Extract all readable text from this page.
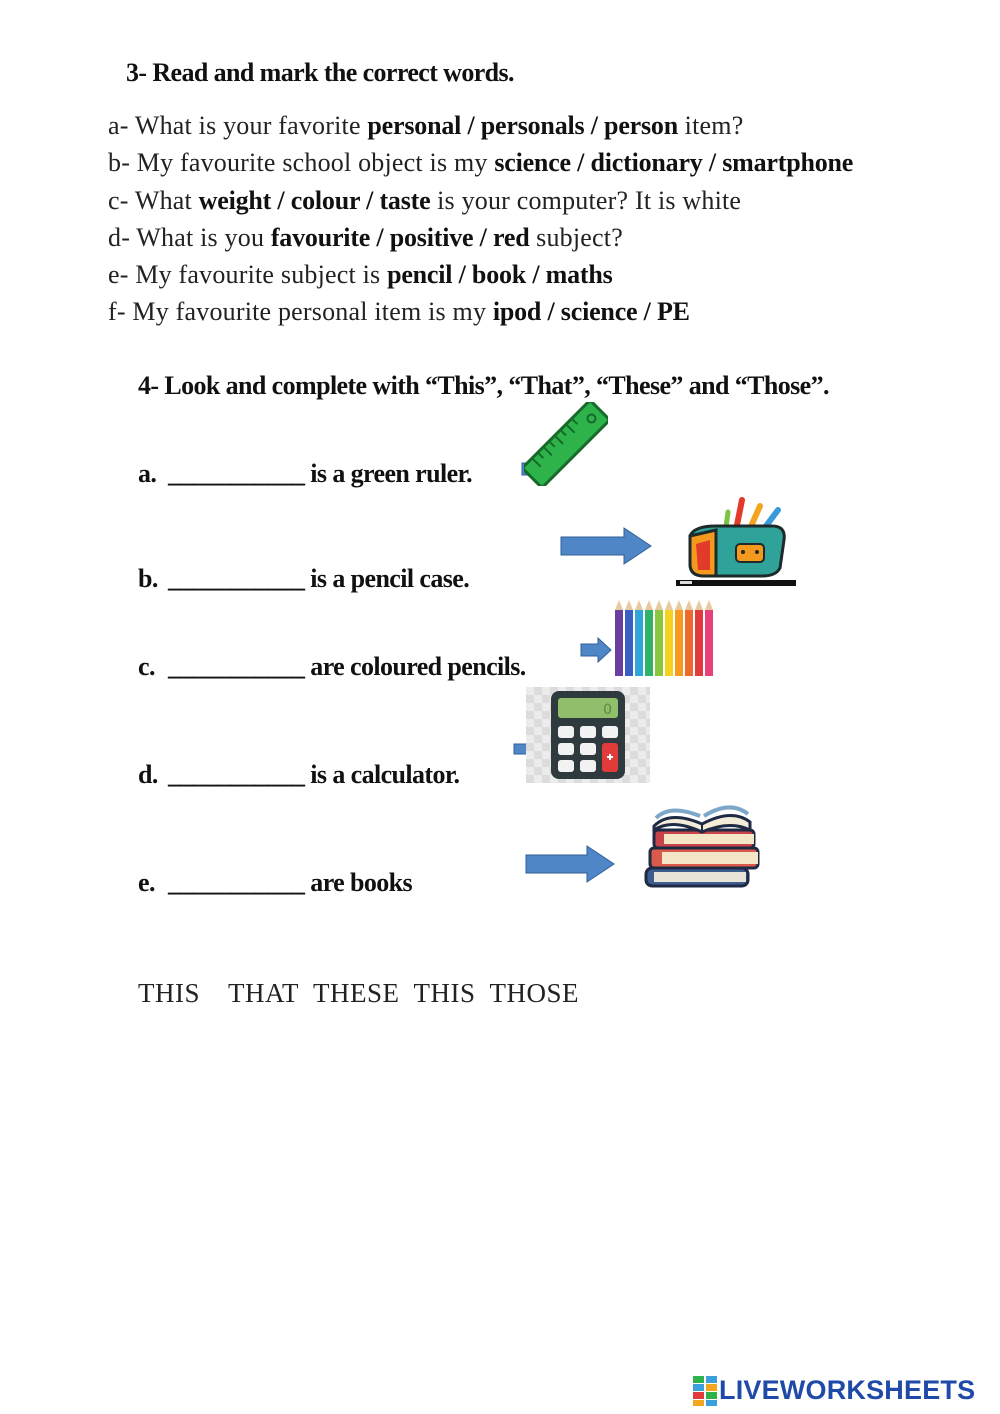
3- Read and mark the correct words.
a- What is your favorite personal / personals / person item?
b- My favourite school object is my science / dictionary / smartphone
c- What weight / colour / taste is your computer? It is white
d- What is you favourite / positive / red subject?
e- My favourite subject is pencil / book / maths
f- My favourite personal item is my ipod / science / PE
4- Look and complete with “This”, “That”, “These” and “Those”.
a. ___________ is a green ruler.
b. ___________ is a pencil case.
c. ___________ are coloured pencils.
d. ___________ is a calculator.
e. ___________ are books
0
THIS THAT THESE THIS THOSE
LIVEWORKSHEETS
